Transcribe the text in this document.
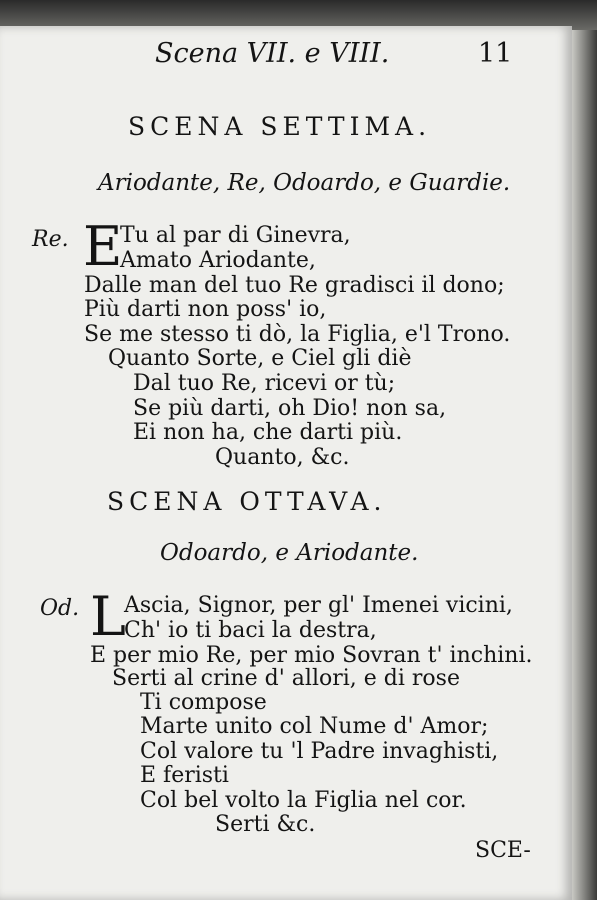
Scena VII. e VIII.	11
SCENA SETTIMA.
Ariodante, Re, Odoardo, e Guardie.
Re. E
Tu al par di Ginevra,
Amato Ariodante,
Dalle man del tuo Re gradisci il dono;
Più darti non poss' io,
Se me stesso ti dò, la Figlia, e'l Trono.
Quanto Sorte, e Ciel gli diè
Dal tuo Re, ricevi or tù;
Se più darti, oh Dio! non sa,
Ei non ha, che darti più.
Quanto, &c.
SCENA OTTAVA.
Odoardo, e Ariodante.
Od. L
Ascia, Signor, per gl' Imenei vicini,
Ch' io ti baci la destra,
E per mio Re, per mio Sovran t' inchini.
Serti al crine d' allori, e di rose
Ti compose
Marte unito col Nume d' Amor;
Col valore tu 'l Padre invaghisti,
E feristi
Col bel volto la Figlia nel cor.
Serti &c.
SCE-
